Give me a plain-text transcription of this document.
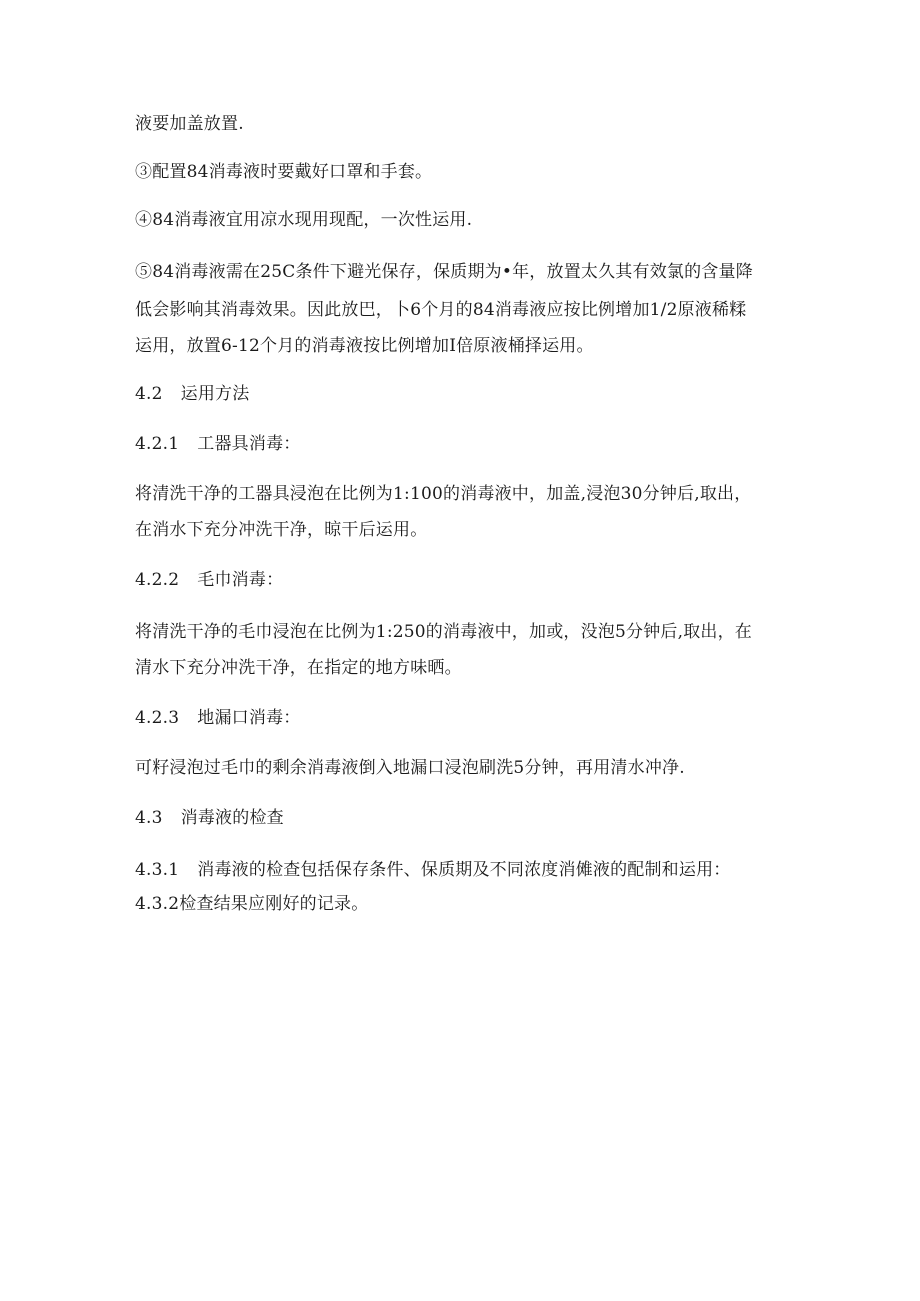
液要加盖放置.
③配置84消毒液时要戴好口罩和手套。
④84消毒液宜用凉水现用现配，一次性运用.
⑤84消毒液需在25C条件下避光保存，保质期为•年，放置太久其有效氯的含量降
低会影响其消毒效果。因此放巴，卜6个月的84消毒液应按比例增加1/2原液稀糅
运用，放置6-12个月的消毒液按比例增加I倍原液桶择运用。
4.2 运用方法
4.2.1 工器具消毒：
将清洗干净的工器具浸泡在比例为1:100的消毒液中，加盖,浸泡30分钟后,取出，
在消水下充分冲洗干净，晾干后运用。
4.2.2 毛巾消毒：
将清洗干净的毛巾浸泡在比例为1:250的消毒液中，加或，没泡5分钟后,取出，在
清水下充分冲洗干净，在指定的地方味晒。
4.2.3 地漏口消毒：
可籽浸泡过毛巾的剩余消毒液倒入地漏口浸泡刷洗5分钟，再用清水冲净.
4.3 消毒液的检查
4.3.1 消毒液的检查包括保存条件、保质期及不同浓度消傩液的配制和运用：
4.3.2检查结果应刚好的记录。
